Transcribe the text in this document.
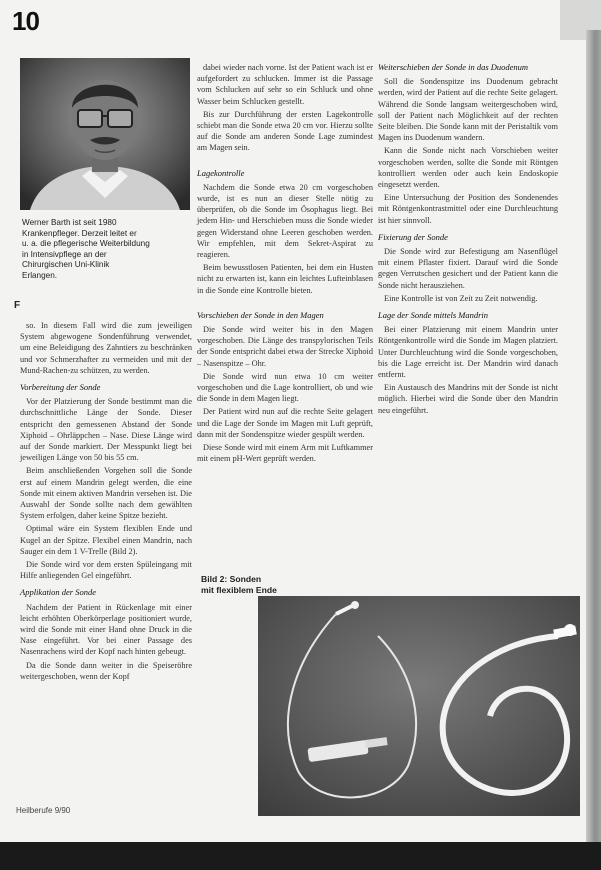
10

Werner Barth ist seit 1980

Krankenpfleger. Derzeit leitet er

u. a. die pflegerische Weiterbildung

in Intensivpflege an der

Chirurgischen Uni-Klinik

Erlangen.

F

so. In diesem Fall wird die zum jeweiligen System abgewogene Sondenführung verwendet, um eine Beleidigung des Zahntiers zu beschränken und vor Schmerzhafter zu vermeiden und mit der Mund-Rachen-zu schützen, zu werden.

Vorbereitung der Sonde

Vor der Platzierung der Sonde bestimmt man die durchschnittliche Länge der Sonde. Dieser entspricht den gemessenen Abstand der Sonde Xiphoid – Ohrläppchen – Nase. Diese Länge wird auf der Sonde markiert. Der Messpunkt liegt bei jeweiligen Länge von 50 bis 55 cm.

Beim anschließenden Vorgehen soll die Sonde erst auf einem Mandrin gelegt werden, die eine Sonde mit einem aktiven Mandrin versehen ist. Die Auswahl der Sonde sollte nach dem gewählten System erfolgen, daher keine Spitze bezieht.

Optimal wäre ein System flexiblen Ende und Kugel an der Spitze. Flexibel einen Mandrin, nach Sauger ein dem 1 V-Trelle (Bild 2).

Die Sonde wird vor dem ersten Spüleingang mit Hilfe anliegenden Gel eingeführt.

Applikation der Sonde

Nachdem der Patient in Rückenlage mit einer leicht erhöhten Oberkörperlage positioniert wurde, wird die Sonde mit einer Hand ohne Druck in die Nase eingeführt. Vor bei einer Passage des Nasenrachens wird der Kopf nach hinten gebeugt.

Da die Sonde dann weiter in die Speiseröhre weitergeschoben, wenn der Kopf

dabei wieder nach vorne. Ist der Patient wach ist er aufgefordert zu schlucken. Immer ist die Passage vom Schlucken auf sehr so ein Schluck und ohne Wasser beim Schlucken gestellt.

Bis zur Durchführung der ersten Lagekontrolle schiebt man die Sonde etwa 20 cm vor. Hierzu sollte auf die Sonde am anderen Sonde Lage zumindest am Magen sein.

Lagekontrolle

Nachdem die Sonde etwa 20 cm vorgeschoben wurde, ist es nun an dieser Stelle nötig zu überprüfen, ob die Sonde im Ösophagus liegt. Bei jedem Hin- und Herschieben muss die Sonde wieder gegen Widerstand ohne Leeren geschoben werden. Wir empfehlen, mit dem Sekret-Aspirat zu reagieren.

Beim bewusstlosen Patienten, bei dem ein Husten nicht zu erwarten ist, kann ein leichtes Lufteinblasen in die Sonde eine Kontrolle bieten.

Vorschieben der Sonde in den Magen

Die Sonde wird weiter bis in den Magen vorgeschoben. Die Länge des transpylorischen Teils der Sonde entspricht dabei etwa der Strecke Xiphoid – Nasenspitze – Ohr.

Die Sonde wird nun etwa 10 cm weiter vorgeschoben und die Lage kontrolliert, ob und wie die Sonde in dem Magen liegt.

Der Patient wird nun auf die rechte Seite gelagert und die Lage der Sonde im Magen mit Luft geprüft, dann mit der Sondenspitze wieder gespült werden.

Diese Sonde wird mit einem Arm mit Luftkammer mit einem pH-Wert geprüft werden.

Weiterschieben der Sonde in das Duodenum

Soll die Sondenspitze ins Duodenum gebracht werden, wird der Patient auf die rechte Seite gelagert. Während die Sonde langsam weitergeschoben wird, soll der Patient nach Möglichkeit auf der rechten Seite bleiben. Die Sonde kann mit der Peristaltik vom Magen ins Duodenum wandern.

Kann die Sonde nicht nach Vorschieben weiter vorgeschoben werden, sollte die Sonde mit Röntgen kontrolliert werden oder auch kein Endoskopie eingesetzt werden.

Eine Untersuchung der Position des Sondenendes mit Röntgenkontrastmittel oder eine Durchleuchtung ist hier sinnvoll.

Fixierung der Sonde

Die Sonde wird zur Befestigung am Nasenflügel mit einem Pflaster fixiert. Darauf wird die Sonde gegen Verrutschen gesichert und der Patient kann die Sonde nicht herausziehen.

Eine Kontrolle ist von Zeit zu Zeit notwendig.

Lage der Sonde mittels Mandrin

Bei einer Platzierung mit einem Mandrin unter Röntgenkontrolle wird die Sonde im Magen platziert. Unter Durchleuchtung wird die Sonde vorgeschoben, bis die Lage erreicht ist. Der Mandrin wird danach entfernt.

Ein Austausch des Mandrins mit der Sonde ist nicht möglich. Hierbei wird die Sonde über den Mandrin neu eingeführt.

Bild 2: Sonden
mit flexiblem Ende
Heilberufe 9/90
